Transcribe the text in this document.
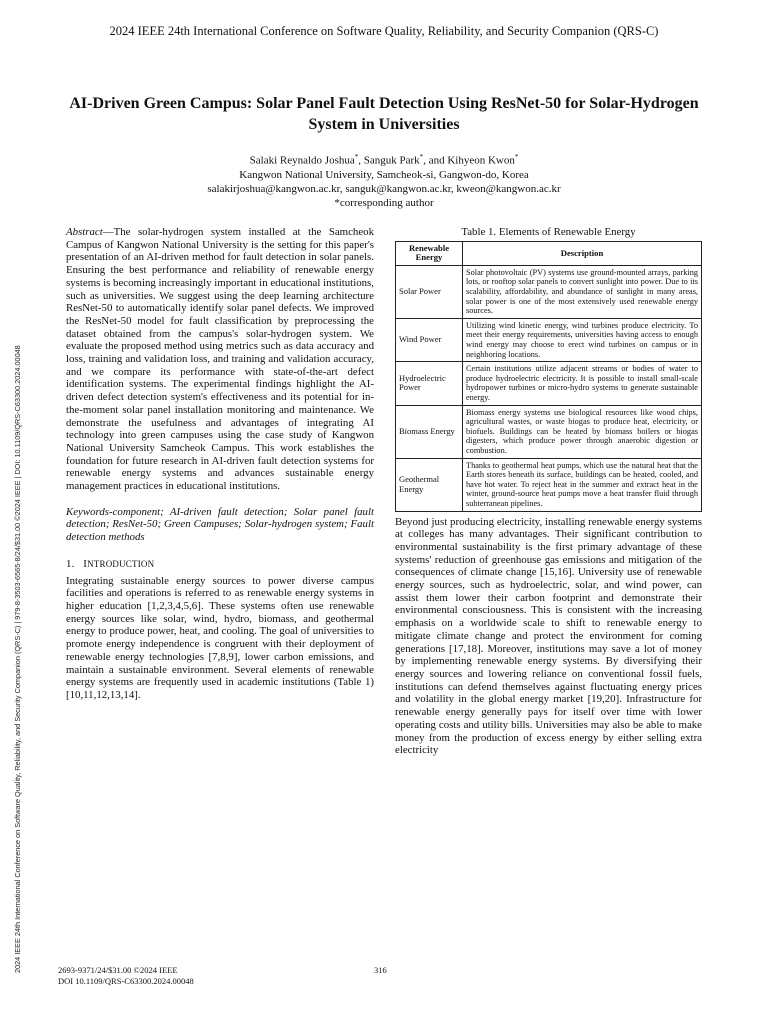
2024 IEEE 24th International Conference on Software Quality, Reliability, and Security Companion (QRS-C)
2024 IEEE 24th International Conference on Software Quality, Reliability, and Security Companion (QRS-C) | 979-8-3503-6565-8/24/$31.00 ©2024 IEEE | DOI: 10.1109/QRS-C63300.2024.00048
AI-Driven Green Campus: Solar Panel Fault Detection Using ResNet-50 for Solar-Hydrogen System in Universities
Salaki Reynaldo Joshua*, Sanguk Park*, and Kihyeon Kwon*
Kangwon National University, Samcheok-si, Gangwon-do, Korea
salakirjoshua@kangwon.ac.kr, sanguk@kangwon.ac.kr, kweon@kangwon.ac.kr
*corresponding author

Abstract—The solar-hydrogen system installed at the Samcheok Campus of Kangwon National University is the setting for this paper's presentation of an AI-driven method for fault detection in solar panels. Ensuring the best performance and reliability of renewable energy systems is becoming increasingly important in educational institutions, such as universities. We suggest using the deep learning architecture ResNet-50 to automatically identify solar panel defects. We improved the ResNet-50 model for fault classification by preprocessing the dataset obtained from the campus's solar-hydrogen system. We evaluate the proposed method using metrics such as data accuracy and loss, training and validation loss, and training and validation accuracy, and we compare its performance with state-of-the-art defect identification systems. The experimental findings highlight the AI-driven defect detection system's effectiveness and its potential for in-the-moment solar panel installation monitoring and maintenance. We demonstrate the usefulness and advantages of integrating AI technology into green campuses using the case study of Kangwon National University Samcheok Campus. This work establishes the foundation for future research in AI-driven fault detection systems for renewable energy systems and advances sustainable energy management practices in educational institutions.

Keywords-component; AI-driven fault detection; Solar panel fault detection; ResNet-50; Green Campuses; Solar-hydrogen system; Fault detection methods

1. INTRODUCTION

Integrating sustainable energy sources to power diverse campus facilities and operations is referred to as renewable energy systems in higher education [1,2,3,4,5,6]. These systems often use renewable energy sources like solar, wind, hydro, biomass, and geothermal energy to produce power, heat, and cooling. The goal of universities to promote energy independence is congruent with their deployment of renewable energy technologies [7,8,9], lower carbon emissions, and maintain a sustainable environment. Several elements of renewable energy systems are frequently used in academic institutions (Table 1) [10,11,12,13,14].

Table 1. Elements of Renewable Energy
Renewable Energy	Description
Solar Power	Solar photovoltaic (PV) systems use ground-mounted arrays, parking lots, or rooftop solar panels to convert sunlight into power. Due to its scalability, affordability, and abundance of sunlight in many areas, solar power is one of the most extensively used renewable energy sources.
Wind Power	Utilizing wind kinetic energy, wind turbines produce electricity. To meet their energy requirements, universities having access to enough wind energy may choose to erect wind turbines on campus or in neighboring locations.
Hydroelectric Power	Certain institutions utilize adjacent streams or bodies of water to produce hydroelectric electricity. It is possible to install small-scale hydropower turbines or micro-hydro systems to generate sustainable energy.
Biomass Energy	Biomass energy systems use biological resources like wood chips, agricultural wastes, or waste biogas to produce heat, electricity, or biofuels. Buildings can be heated by biomass boilers or biogas digesters, which produce power through anaerobic digestion or combustion.
Geothermal Energy	Thanks to geothermal heat pumps, which use the natural heat that the Earth stores beneath its surface, buildings can be heated, cooled, and have hot water. To reject heat in the summer and extract heat in the winter, ground-source heat pumps move a heat transfer fluid through subterranean pipelines.

Beyond just producing electricity, installing renewable energy systems at colleges has many advantages. Their significant contribution to environmental sustainability is the first primary advantage of these systems' reduction of greenhouse gas emissions and mitigation of the consequences of climate change [15,16]. University use of renewable energy sources, such as hydroelectric, solar, and wind power, can assist them lower their carbon footprint and demonstrate their environmental consciousness. This is consistent with the increasing emphasis on a worldwide scale to shift to renewable energy to mitigate climate change and protect the environment for coming generations [17,18]. Moreover, institutions may save a lot of money by implementing renewable energy systems. By diversifying their energy sources and lowering reliance on conventional fossil fuels, institutions can defend themselves against fluctuating energy prices and volatility in the global energy market [19,20]. Infrastructure for renewable energy generally pays for itself over time with lower operating costs and utility bills. Universities may also be able to make money from the production of excess energy by either selling extra electricity

2693-9371/24/$31.00 ©2024 IEEE
DOI 10.1109/QRS-C63300.2024.00048
316
